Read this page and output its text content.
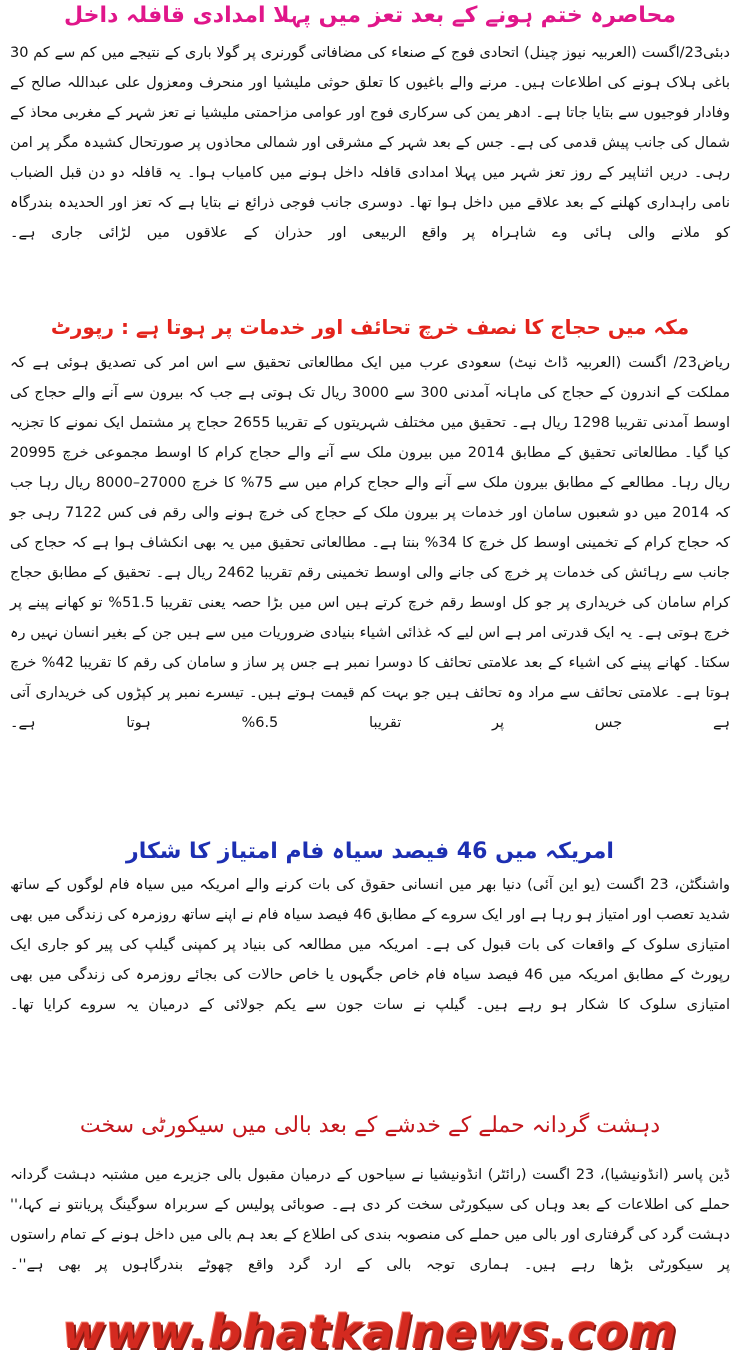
محاصرہ ختم ہونے کے بعد تعز میں پہلا امدادی قافلہ داخل
دبئی23/اگست (العربیہ نیوز چینل) اتحادی فوج کے صنعاء کی مضافاتی گورنری پر گولا باری کے نتیجے میں کم سے کم 30 باغی ہلاک ہونے کی اطلاعات ہیں۔ مرنے والے باغیوں کا تعلق حوثی ملیشیا اور منحرف ومعزول علی عبداللہ صالح کے وفادار فوجیوں سے بتایا جاتا ہے۔ ادھر یمن کی سرکاری فوج اور عوامی مزاحمتی ملیشیا نے تعز شہر کے مغربی محاذ کے شمال کی جانب پیش قدمی کی ہے۔ جس کے بعد شہر کے مشرقی اور شمالی محاذوں پر صورتحال کشیدہ مگر پر امن رہی۔ دریں اثناپیر کے روز تعز شہر میں پہلا امدادی قافلہ داخل ہونے میں کامیاب ہوا۔ یہ قافلہ دو دن قبل الضباب نامی راہداری کھلنے کے بعد علاقے میں داخل ہوا تھا۔ دوسری جانب فوجی ذرائع نے بتایا ہے کہ تعز اور الحدیدہ بندرگاہ کو ملانے والی ہائی وے شاہراہ پر واقع الربیعی اور حذران کے علاقوں میں لڑائی جاری ہے۔
مکہ میں حجاج کا نصف خرچ تحائف اور خدمات پر ہوتا ہے : رپورٹ
ریاض23/ اگست (العربیہ ڈاٹ نیٹ) سعودی عرب میں ایک مطالعاتی تحقیق سے اس امر کی تصدیق ہوئی ہے کہ مملکت کے اندرون کے حجاج کی ماہانہ آمدنی 300 سے 3000 ریال تک ہوتی ہے جب کہ بیرون سے آنے والے حجاج کی اوسط آمدنی تقریبا 1298 ریال ہے۔ تحقیق میں مختلف شہریتوں کے تقریبا 2655 حجاج پر مشتمل ایک نمونے کا تجزیہ کیا گیا۔ مطالعاتی تحقیق کے مطابق 2014 میں بیرون ملک سے آنے والے حجاج کرام کا اوسط مجموعی خرچ 20995 ریال رہا۔ مطالعے کے مطابق بیرون ملک سے آنے والے حجاج کرام میں سے 75% کا خرچ 27000–8000 ریال رہا جب کہ 2014 میں دو شعبوں سامان اور خدمات پر بیرون ملک کے حجاج کی خرچ ہونے والی رقم فی کس 7122 رہی جو کہ حجاج کرام کے تخمینی اوسط کل خرچ کا 34% بنتا ہے۔ مطالعاتی تحقیق میں یہ بھی انکشاف ہوا ہے کہ حجاج کی جانب سے رہائش کی خدمات پر خرچ کی جانے والی اوسط تخمینی رقم تقریبا 2462 ریال ہے۔ تحقیق کے مطابق حجاج کرام سامان کی خریداری پر جو کل اوسط رقم خرچ کرتے ہیں اس میں بڑا حصہ یعنی تقریبا 51.5% تو کھانے پینے پر خرچ ہوتی ہے۔ یہ ایک قدرتی امر ہے اس لیے کہ غذائی اشیاء بنیادی ضروریات میں سے ہیں جن کے بغیر انسان نہیں رہ سکتا۔ کھانے پینے کی اشیاء کے بعد علامتی تحائف کا دوسرا نمبر ہے جس پر ساز و سامان کی رقم کا تقریبا 42% خرچ ہوتا ہے۔ علامتی تحائف سے مراد وہ تحائف ہیں جو بہت کم قیمت ہوتے ہیں۔ تیسرے نمبر پر کپڑوں کی خریداری آتی ہے جس پر تقریبا 6.5% ہوتا ہے۔
امریکہ میں 46 فیصد سیاہ فام امتیاز کا شکار
واشنگٹن، 23 اگست (یو این آئی) دنیا بھر میں انسانی حقوق کی بات کرنے والے امریکہ میں سیاہ فام لوگوں کے ساتھ شدید تعصب اور امتیاز ہو رہا ہے اور ایک سروے کے مطابق 46 فیصد سیاہ فام نے اپنے ساتھ روزمرہ کی زندگی میں بھی امتیازی سلوک کے واقعات کی بات قبول کی ہے۔ امریکہ میں مطالعہ کی بنیاد پر کمپنی گیلپ کی پیر کو جاری ایک رپورٹ کے مطابق امریکہ میں 46 فیصد سیاہ فام خاص جگہوں یا خاص حالات کی بجائے روزمرہ کی زندگی میں بھی امتیازی سلوک کا شکار ہو رہے ہیں۔ گیلپ نے سات جون سے یکم جولائی کے درمیان یہ سروے کرایا تھا۔
دہشت گردانہ حملے کے خدشے کے بعد بالی میں سیکورٹی سخت
ڈین پاسر (انڈونیشیا)، 23 اگست (رائٹر) انڈونیشیا نے سیاحوں کے درمیان مقبول بالی جزیرے میں مشتبہ دہشت گردانہ حملے کی اطلاعات کے بعد وہاں کی سیکورٹی سخت کر دی ہے۔ صوبائی پولیس کے سربراہ سوگینگ پریانتو نے کہا،'' دہشت گرد کی گرفتاری اور بالی میں حملے کی منصوبہ بندی کی اطلاع کے بعد ہم بالی میں داخل ہونے کے تمام راستوں پر سیکورٹی بڑھا رہے ہیں۔ ہماری توجہ بالی کے ارد گرد واقع چھوٹے بندرگاہوں پر بھی ہے''۔
www.bhatkalnews.com
